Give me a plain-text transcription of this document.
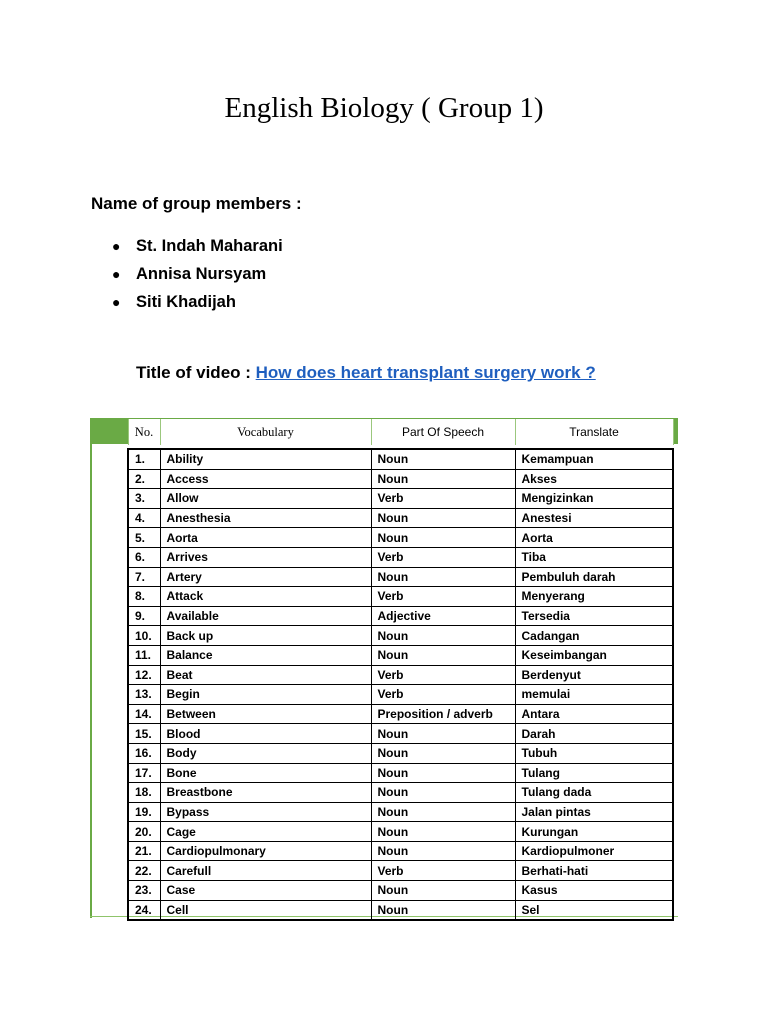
English Biology ( Group 1)
Name of group members :
● St. Indah Maharani
● Annisa Nursyam
● Siti Khadijah
Title of video : How does heart transplant surgery work ?
No.	Vocabulary	Part Of Speech	Translate

1.	Ability	Noun	Kemampuan
2.	Access	Noun	Akses
3.	Allow	Verb	Mengizinkan
4.	Anesthesia	Noun	Anestesi
5.	Aorta	Noun	Aorta
6.	Arrives	Verb	Tiba
7.	Artery	Noun	Pembuluh darah
8.	Attack	Verb	Menyerang
9.	Available	Adjective	Tersedia
10.	Back up	Noun	Cadangan
11.	Balance	Noun	Keseimbangan
12.	Beat	Verb	Berdenyut
13.	Begin	Verb	memulai
14.	Between	Preposition / adverb	Antara
15.	Blood	Noun	Darah
16.	Body	Noun	Tubuh
17.	Bone	Noun	Tulang
18.	Breastbone	Noun	Tulang dada
19.	Bypass	Noun	Jalan pintas
20.	Cage	Noun	Kurungan
21.	Cardiopulmonary	Noun	Kardiopulmoner
22.	Carefull	Verb	Berhati-hati
23.	Case	Noun	Kasus
24.	Cell	Noun	Sel
